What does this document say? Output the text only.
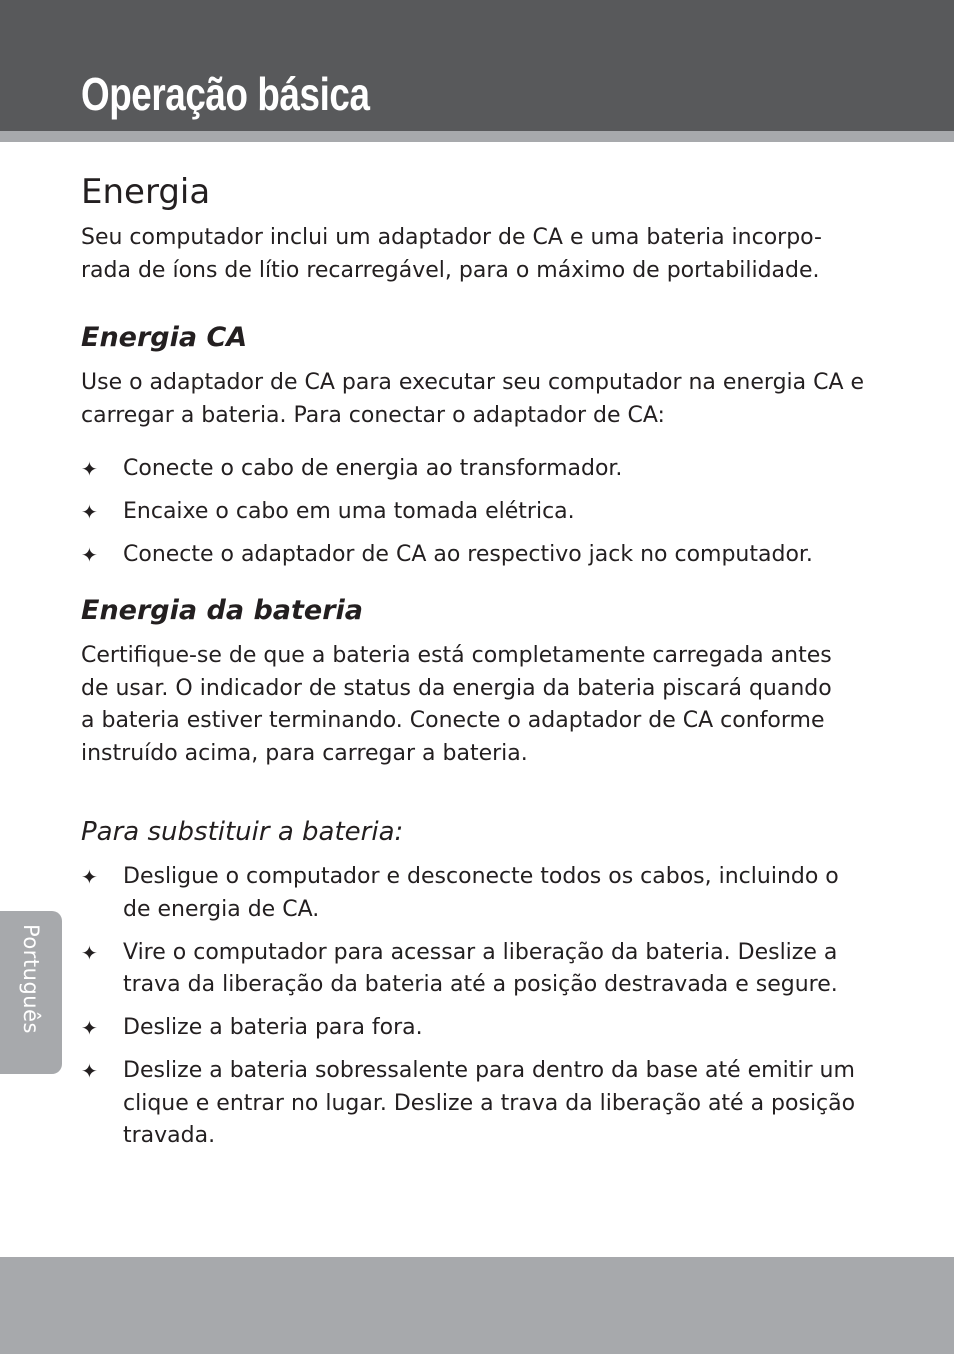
Operação básica
Energia

Seu computador inclui um adaptador de CA e uma bateria incorpo-
rada de íons de lítio recarregável, para o máximo de portabilidade.

Energia CA

Use o adaptador de CA para executar seu computador na energia CA e
carregar a bateria. Para conectar o adaptador de CA:

✦	Conecte o cabo de energia ao transformador.
✦	Encaixe o cabo em uma tomada elétrica.
✦	Conecte o adaptador de CA ao respectivo jack no computador.
Energia da bateria

Certifique-se de que a bateria está completamente carregada antes
de usar. O indicador de status da energia da bateria piscará quando
a bateria estiver terminando. Conecte o adaptador de CA conforme
instruído acima, para carregar a bateria.

Para substituir a bateria:
✦	Desligue o computador e desconecte todos os cabos, incluindo o
de energia de CA.
✦	Vire o computador para acessar a liberação da bateria. Deslize a
trava da liberação da bateria até a posição destravada e segure.
✦	Deslize a bateria para fora.
✦	Deslize a bateria sobressalente para dentro da base até emitir um
clique e entrar no lugar. Deslize a trava da liberação até a posição
travada.
Português
